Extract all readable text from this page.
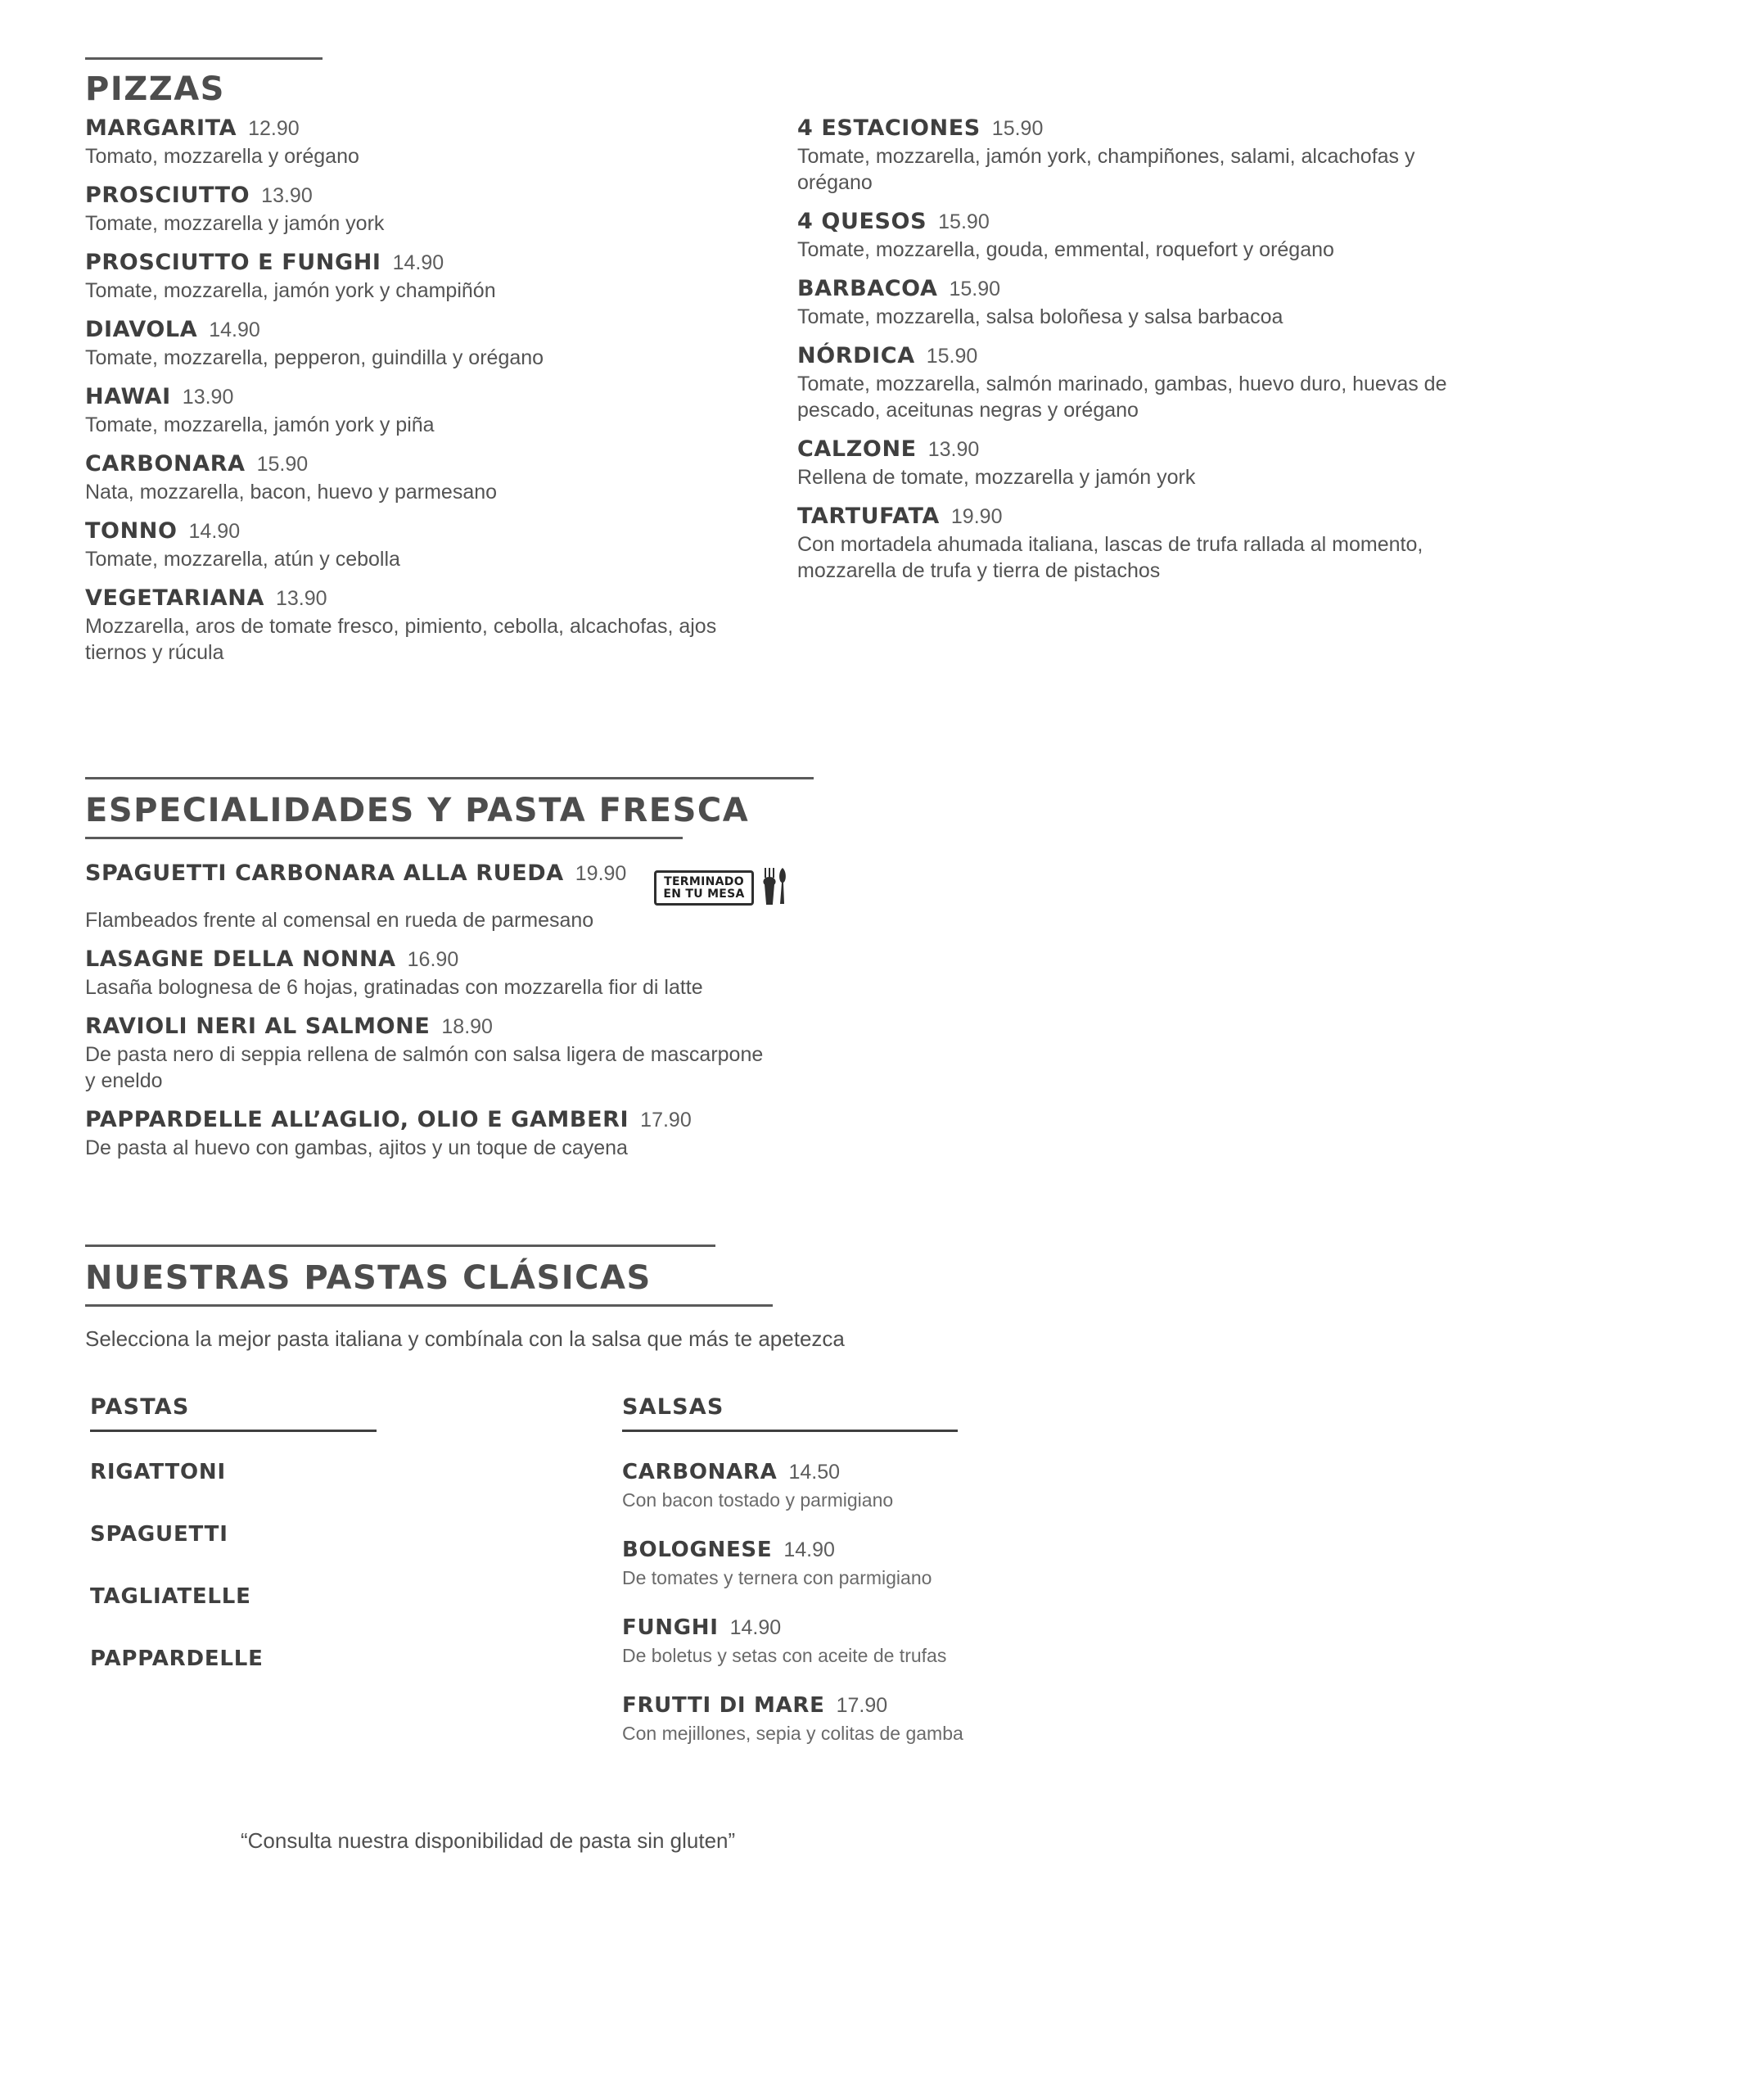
PIZZAS
MARGARITA 12.90
Tomato, mozzarella y orégano
PROSCIUTTO 13.90
Tomate, mozzarella y jamón york
PROSCIUTTO E FUNGHI 14.90
Tomate, mozzarella, jamón york y champiñón
DIAVOLA 14.90
Tomate, mozzarella, pepperon, guindilla y orégano
HAWAI 13.90
Tomate, mozzarella, jamón york y piña
CARBONARA 15.90
Nata, mozzarella, bacon, huevo y parmesano
TONNO 14.90
Tomate, mozzarella, atún y cebolla
VEGETARIANA 13.90
Mozzarella, aros de tomate fresco, pimiento, cebolla, alcachofas, ajos tiernos y rúcula
4 ESTACIONES 15.90
Tomate, mozzarella, jamón york, champiñones, salami, alcachofas y orégano
4 QUESOS 15.90
Tomate, mozzarella, gouda, emmental, roquefort y orégano
BARBACOA 15.90
Tomate, mozzarella, salsa boloñesa y salsa barbacoa
NÓRDICA 15.90
Tomate, mozzarella, salmón marinado, gambas, huevo duro, huevas de pescado, aceitunas negras y orégano
CALZONE 13.90
Rellena de tomate, mozzarella y jamón york
TARTUFATA 19.90
Con mortadela ahumada italiana, lascas de trufa rallada al momento, mozzarella de trufa y tierra de pistachos
ESPECIALIDADES Y PASTA FRESCA
SPAGUETTI CARBONARA ALLA RUEDA 19.90	TERMINADO
EN TU MESA
Flambeados frente al comensal en rueda de parmesano
LASAGNE DELLA NONNA 16.90
Lasaña bolognesa de 6 hojas, gratinadas con mozzarella fior di latte
RAVIOLI NERI AL SALMONE 18.90
De pasta nero di seppia rellena de salmón con salsa ligera de mascarpone y eneldo
PAPPARDELLE ALL’AGLIO, OLIO E GAMBERI 17.90
De pasta al huevo con gambas, ajitos y un toque de cayena
NUESTRAS PASTAS CLÁSICAS
Selecciona la mejor pasta italiana y combínala con la salsa que más te apetezca
PASTAS
RIGATTONI
SPAGUETTI
TAGLIATELLE
PAPPARDELLE
SALSAS
CARBONARA 14.50
Con bacon tostado y parmigiano
BOLOGNESE 14.90
De tomates y ternera con parmigiano
FUNGHI 14.90
De boletus y setas con aceite de trufas
FRUTTI DI MARE 17.90
Con mejillones, sepia y colitas de gamba
“Consulta nuestra disponibilidad de pasta sin gluten”
